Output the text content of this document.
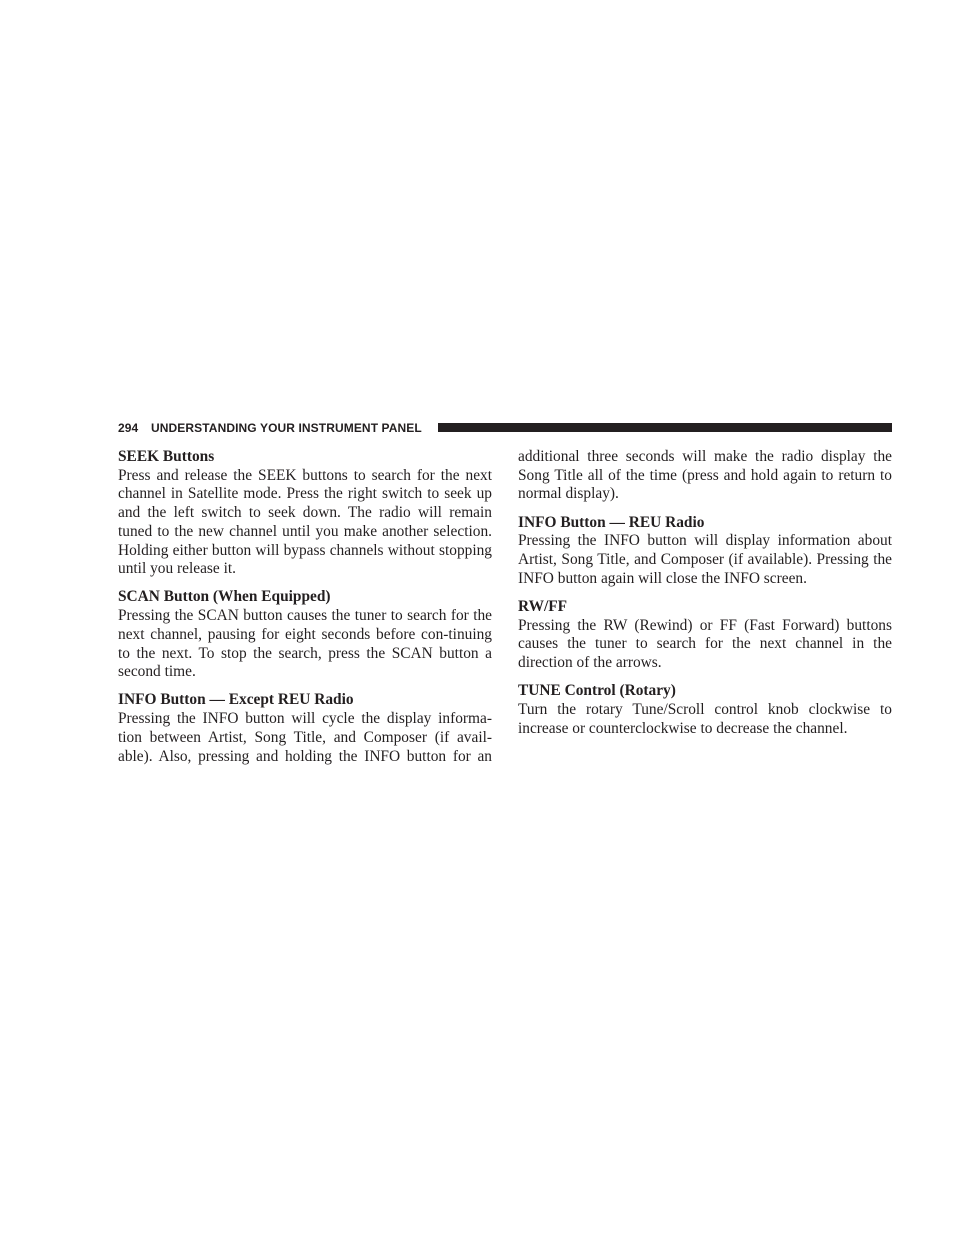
294 UNDERSTANDING YOUR INSTRUMENT PANEL
SEEK Buttons

Press and release the SEEK buttons to search for the next channel in Satellite mode. Press the right switch to seek up and the left switch to seek down. The radio will remain tuned to the new channel until you make another selection. Holding either button will bypass channels without stopping until you release it.

SCAN Button (When Equipped)

Pressing the SCAN button causes the tuner to search for the next channel, pausing for eight seconds before con-tinuing to the next. To stop the search, press the SCAN button a second time.

INFO Button — Except REU Radio

Pressing the INFO button will cycle the display informa-tion between Artist, Song Title, and Composer (if avail-able). Also, pressing and holding the INFO button for an

additional three seconds will make the radio display the Song Title all of the time (press and hold again to return to normal display).

INFO Button — REU Radio

Pressing the INFO button will display information about Artist, Song Title, and Composer (if available). Pressing the INFO button again will close the INFO screen.

RW/FF

Pressing the RW (Rewind) or FF (Fast Forward) buttons causes the tuner to search for the next channel in the direction of the arrows.

TUNE Control (Rotary)

Turn the rotary Tune/Scroll control knob clockwise to increase or counterclockwise to decrease the channel.
